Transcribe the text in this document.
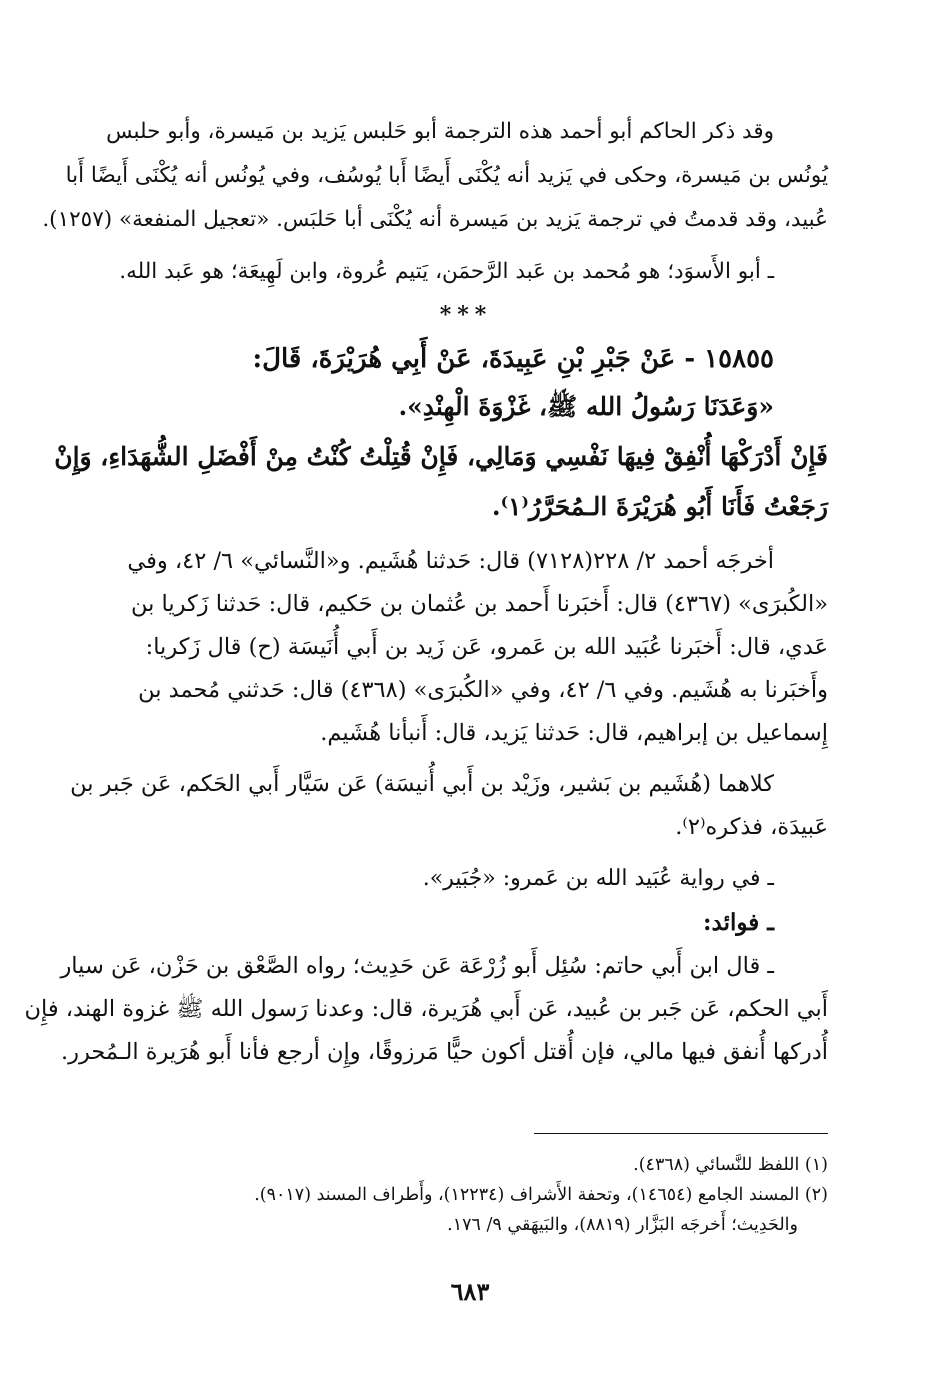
وقد ذكر الحاكم أبو أحمد هذه الترجمة أبو حَلبس يَزيد بن مَيسرة، وأبو حلبس
يُونُس بن مَيسرة، وحكى في يَزيد أنه يُكْنَى أَيضًا أَبا يُوسُف، وفي يُونُس أنه يُكْنَى أَيضًا أَبا
عُبيد، وقد قدمتُ في ترجمة يَزيد بن مَيسرة أنه يُكْنَى أبا حَلبَس. «تعجيل المنفعة» (١٢٥٧).
ـ أبو الأَسوَد؛ هو مُحمد بن عَبد الرَّحمَن، يَتيم عُروة، وابن لَهِيعَة؛ هو عَبد الله.
***
١٥٨٥٥ - عَنْ جَبْرِ بْنِ عَبِيدَةَ، عَنْ أَبِي هُرَيْرَةَ، قَالَ:
«وَعَدَنَا رَسُولُ الله ﷺ، غَزْوَةَ الْهِنْدِ».
فَإِنْ أَدْرَكْهَا أُنْفِقْ فِيهَا نَفْسِي وَمَالِي، فَإِنْ قُتِلْتُ كُنْتُ مِنْ أَفْضَلِ الشُّهَدَاءِ، وَإِنْ
رَجَعْتُ فَأَنَا أَبُو هُرَيْرَةَ الـمُحَرَّرُ⁽١⁾.
أخرجَه أحمد ٢/ ٢٢٨(٧١٢٨) قال: حَدثنا هُشَيم. و«النَّسائي» ٦/ ٤٢، وفي
«الكُبرَى» (٤٣٦٧) قال: أَخبَرنا أَحمد بن عُثمان بن حَكيم، قال: حَدثنا زَكريا بن
عَدي، قال: أَخبَرنا عُبَيد الله بن عَمرو، عَن زَيد بن أَبي أُنَيسَة (ح) قال زَكريا:
وأَخبَرنا به هُشَيم. وفي ٦/ ٤٢، وفي «الكُبرَى» (٤٣٦٨) قال: حَدثني مُحمد بن
إِسماعيل بن إبراهيم، قال: حَدثنا يَزيد، قال: أَنبأنا هُشَيم.
كلاهما (هُشَيم بن بَشير، وزَيْد بن أَبي أُنيسَة) عَن سَيَّار أَبي الحَكم، عَن جَبر بن
عَبيدَة، فذكره⁽٢⁾.
ـ في رواية عُبَيد الله بن عَمرو: «جُبَير».
ـ فوائد:
ـ قال ابن أَبي حاتم: سُئِل أَبو زُرْعَة عَن حَدِيث؛ رواه الصَّعْق بن حَزْن، عَن سيار
أَبي الحكم، عَن جَبر بن عُبيد، عَن أَبي هُرَيرة، قال: وعدنا رَسول الله ﷺ غزوة الهند، فإِن
أُدركها أُنفق فيها مالي، فإن أُقتل أكون حيًّا مَرزوقًا، وإِن أرجع فأنا أَبو هُرَيرة الـمُحرر.
(١) اللفظ للنَّسائي (٤٣٦٨).
(٢) المسند الجامع (١٤٦٥٤)، وتحفة الأَشراف (١٢٢٣٤)، وأَطراف المسند (٩٠١٧).
والحَدِيث؛ أَخرجَه البَزَّار (٨٨١٩)، والبَيهَقي ٩/ ١٧٦.
٦٨٣
